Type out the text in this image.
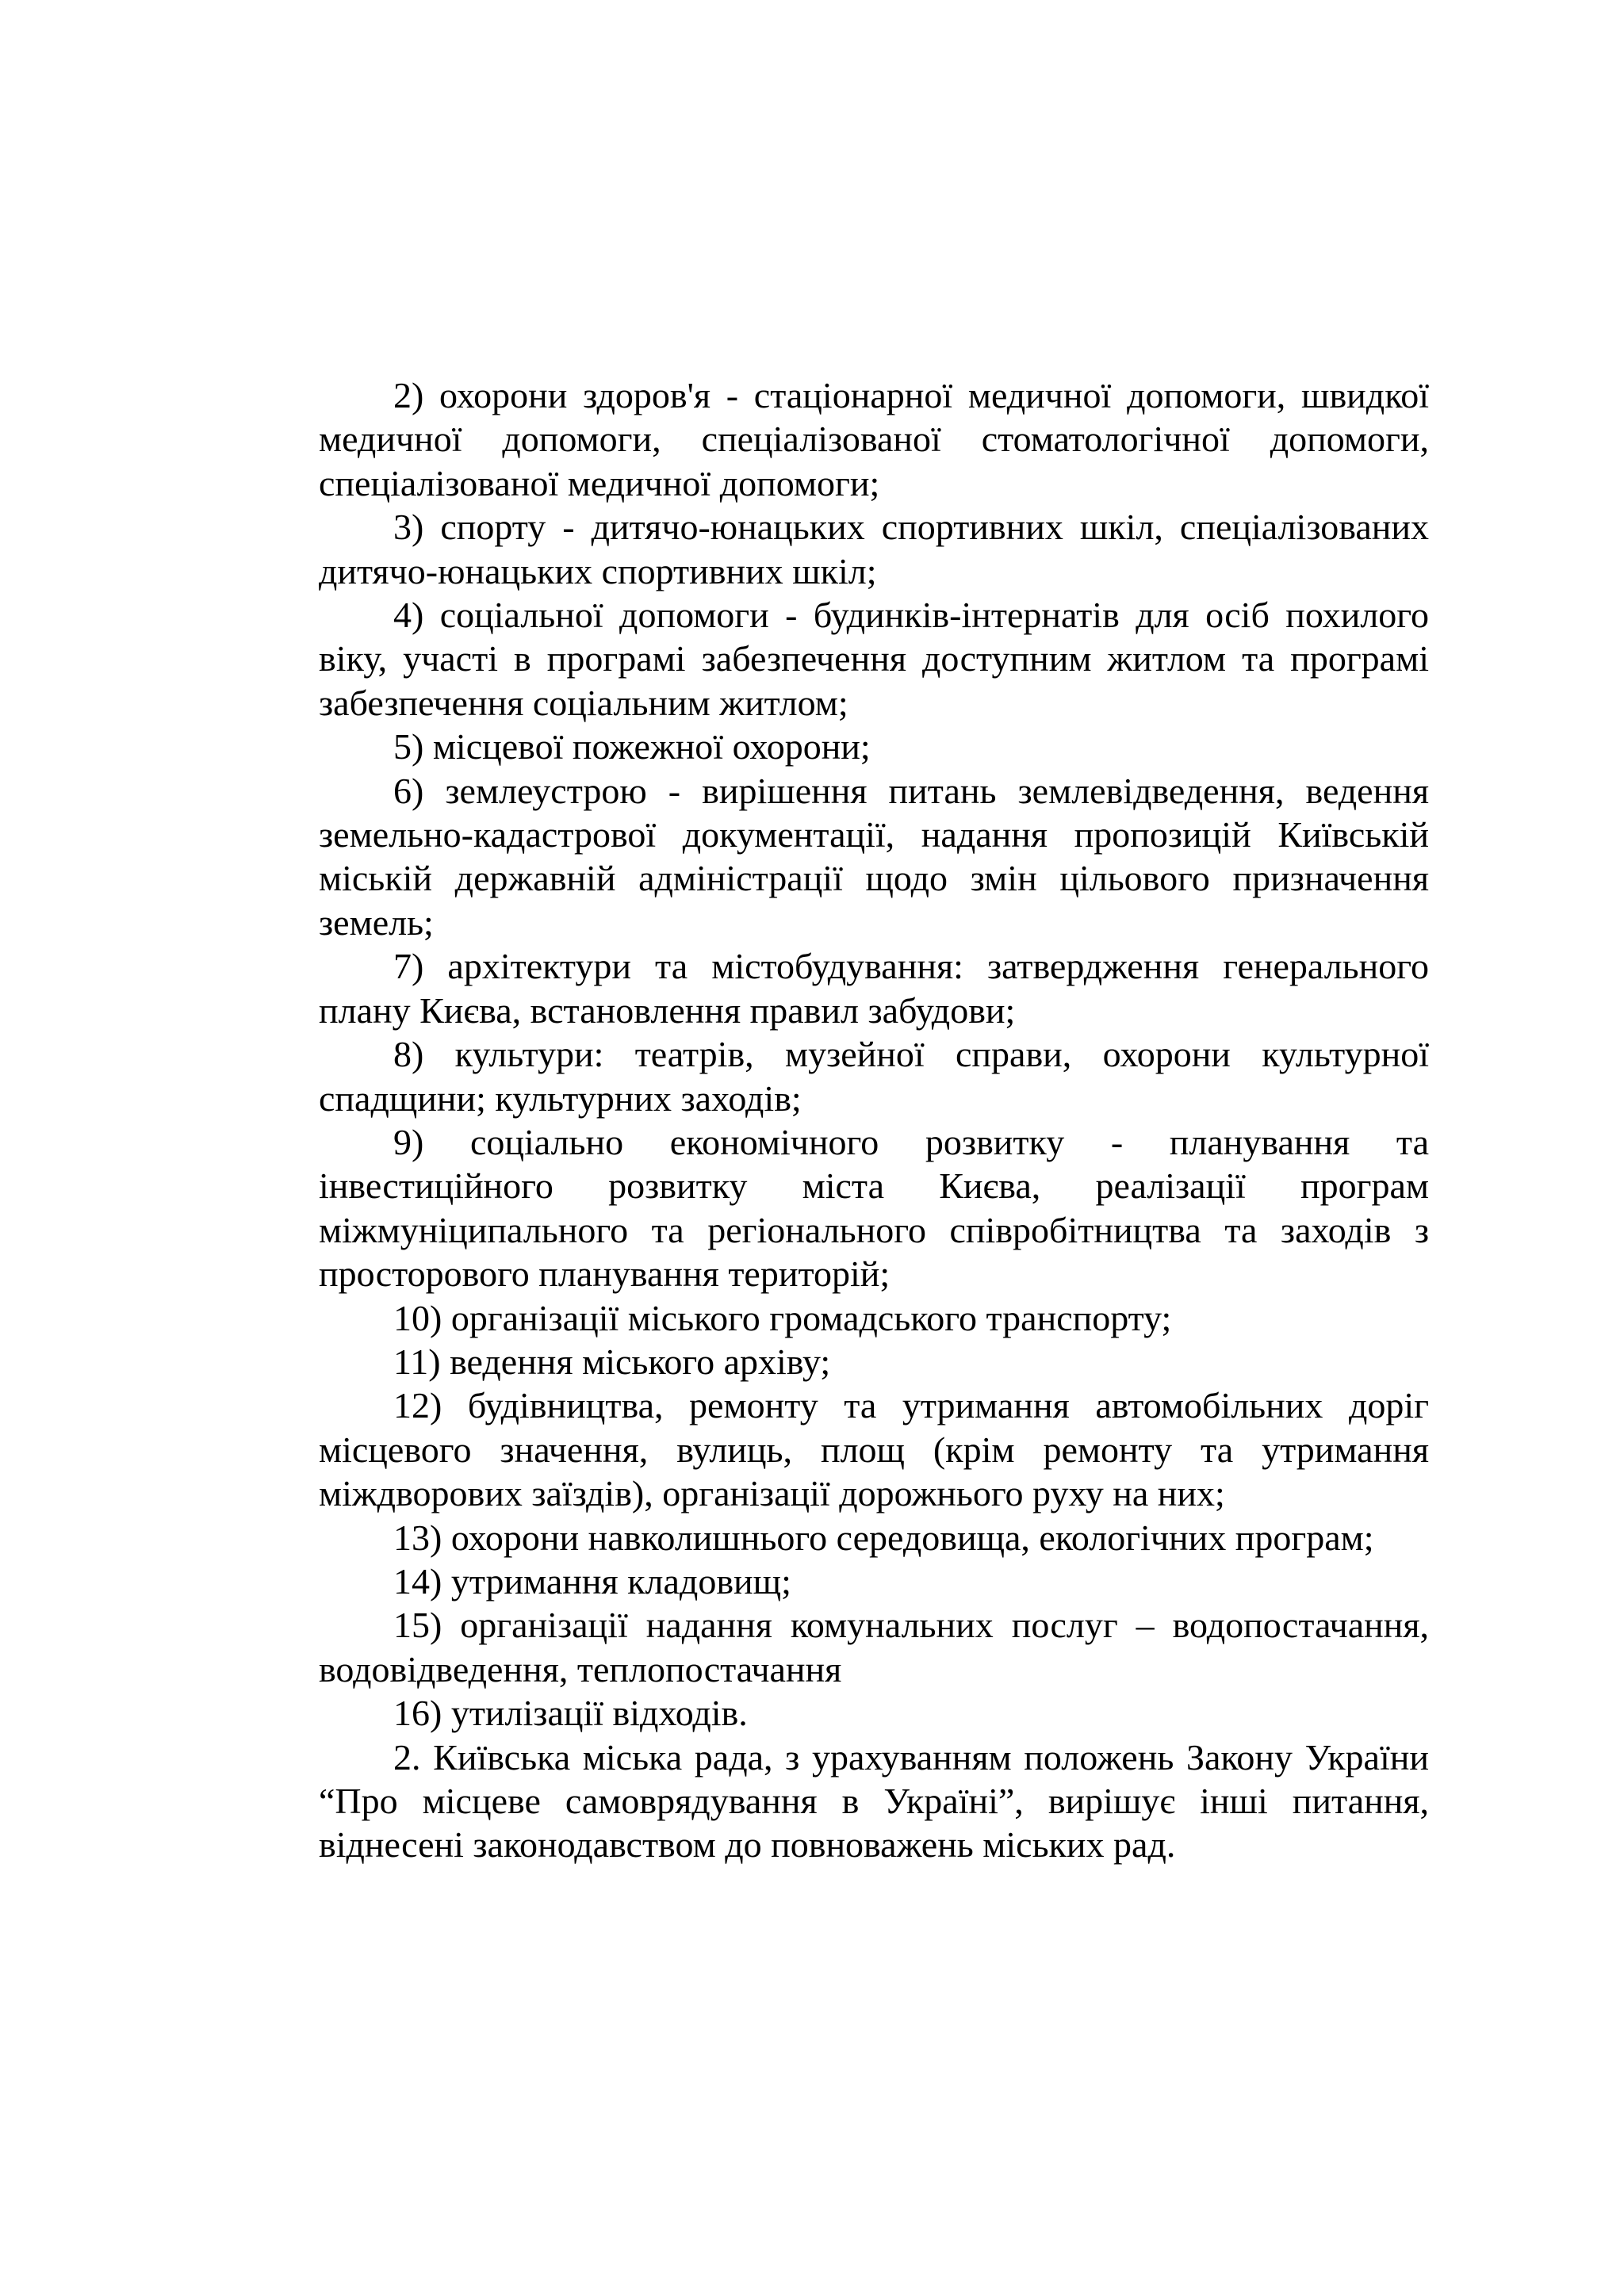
2) охорони здоров'я - стаціонарної медичної допомоги, швидкої медичної допомоги, спеціалізованої стоматологічної допомоги, спеціалізованої медичної допомоги;

3) спорту - дитячо-юнацьких спортивних шкіл, спеціалізованих дитячо-юнацьких спортивних шкіл;

4) соціальної допомоги - будинків-інтернатів для осіб похилого віку, участі в програмі забезпечення доступним житлом та програмі забезпечення соціальним житлом;

5) місцевої пожежної охорони;

6) землеустрою - вирішення питань землевідведення, ведення земельно-кадастрової документації, надання пропозицій Київській міській державній адміністрації щодо змін цільового призначення земель;

7) архітектури та містобудування: затвердження генерального плану Києва, встановлення правил забудови;

8) культури: театрів, музейної справи, охорони культурної спадщини; культурних заходів;

9) соціально економічного розвитку - планування та інвестиційного розвитку міста Києва, реалізації програм міжмуніципального та регіонального співробітництва та заходів з просторового планування територій;

10) організації міського громадського транспорту;

11) ведення міського архіву;

12) будівництва, ремонту та утримання автомобільних доріг місцевого значення, вулиць, площ (крім ремонту та утримання міждворових заїздів), організації дорожнього руху на них;

13) охорони навколишнього середовища, екологічних програм;

14) утримання кладовищ;

15) організації надання комунальних послуг – водопостачання, водовідведення, теплопостачання

16) утилізації відходів.

2. Київська міська рада, з урахуванням положень Закону України “Про місцеве самоврядування в Україні”, вирішує інші питання, віднесені законодавством до повноважень міських рад.
